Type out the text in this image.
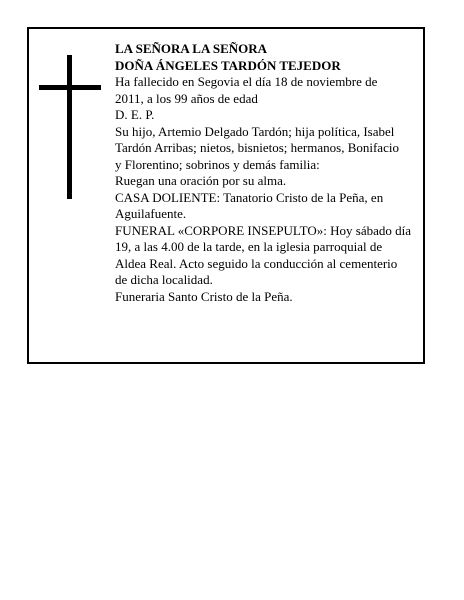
LA SEÑORA LA SEÑORA

DOÑA ÁNGELES TARDÓN TEJEDOR

Ha fallecido en Segovia el día 18 de noviembre de

2011, a los 99 años de edad

D. E. P.

Su hijo, Artemio Delgado Tardón; hija política, Isabel

Tardón Arribas; nietos, bisnietos; hermanos, Bonifacio

y Florentino; sobrinos y demás familia:

Ruegan una oración por su alma.

CASA DOLIENTE: Tanatorio Cristo de la Peña, en

Aguilafuente.

FUNERAL «CORPORE INSEPULTO»: Hoy sábado día

19, a las 4.00 de la tarde, en la iglesia parroquial de

Aldea Real. Acto seguido la conducción al cementerio

de dicha localidad.

Funeraria Santo Cristo de la Peña.
